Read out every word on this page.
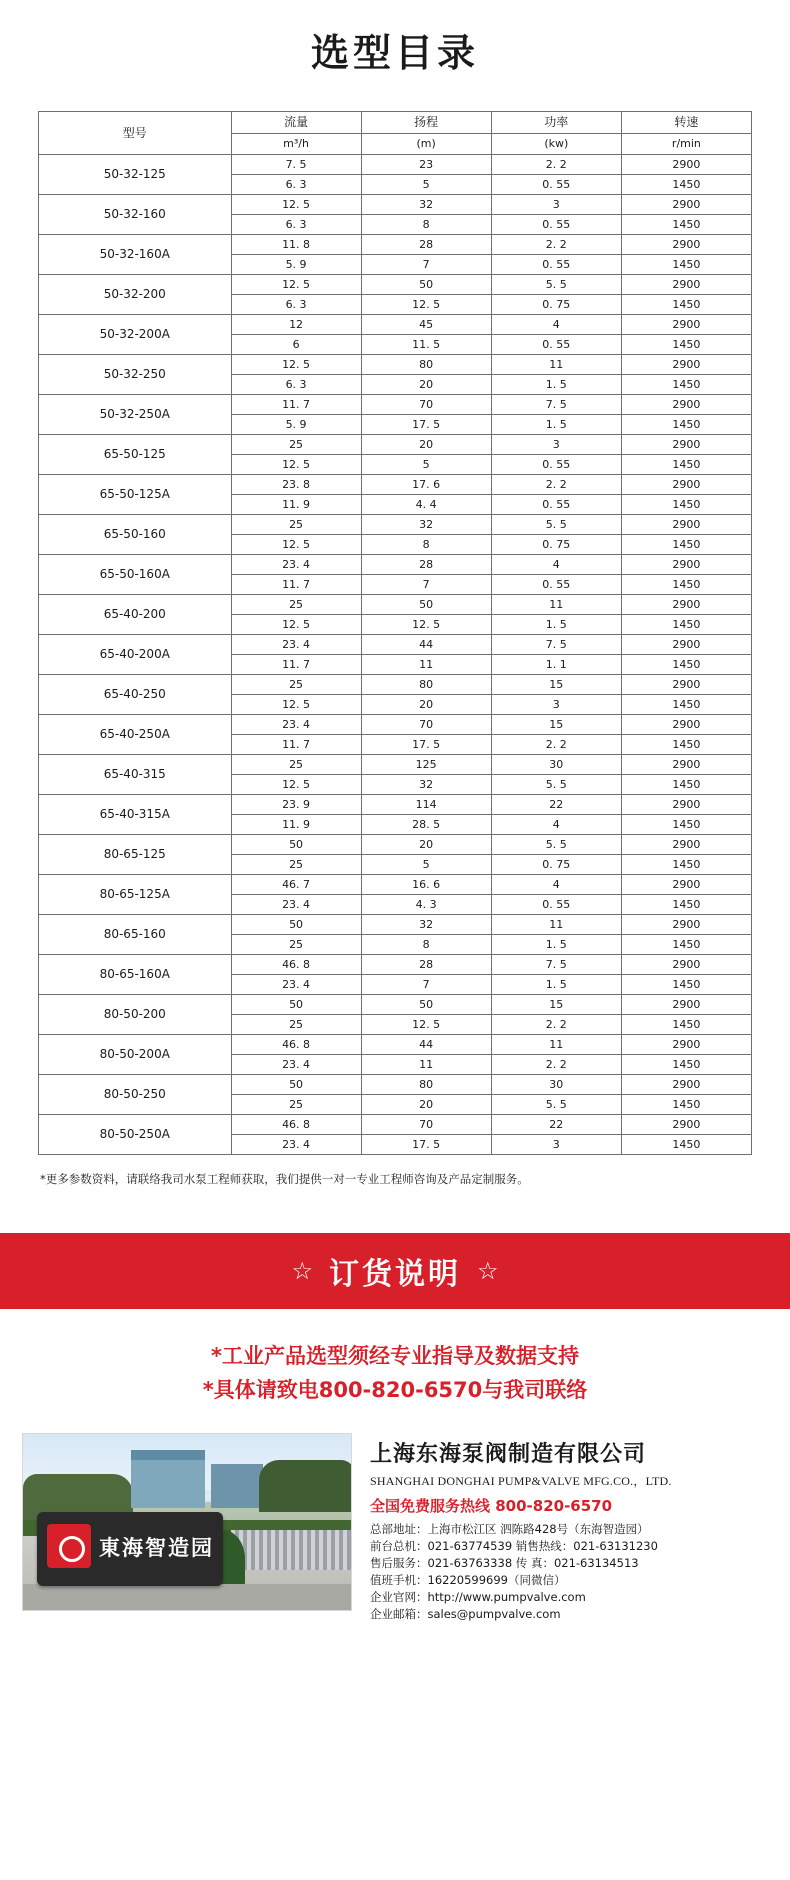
选型目录
型号	流量	扬程	功率	转速
	m³/h	(m)	(kw)	r/min
50-32-125	7. 5	23	2. 2	2900
	6. 3	5	0. 55	1450
50-32-160	12. 5	32	3	2900
	6. 3	8	0. 55	1450
50-32-160A	11. 8	28	2. 2	2900
	5. 9	7	0. 55	1450
50-32-200	12. 5	50	5. 5	2900
	6. 3	12. 5	0. 75	1450
50-32-200A	12	45	4	2900
	6	11. 5	0. 55	1450
50-32-250	12. 5	80	11	2900
	6. 3	20	1. 5	1450
50-32-250A	11. 7	70	7. 5	2900
	5. 9	17. 5	1. 5	1450
65-50-125	25	20	3	2900
	12. 5	5	0. 55	1450
65-50-125A	23. 8	17. 6	2. 2	2900
	11. 9	4. 4	0. 55	1450
65-50-160	25	32	5. 5	2900
	12. 5	8	0. 75	1450
65-50-160A	23. 4	28	4	2900
	11. 7	7	0. 55	1450
65-40-200	25	50	11	2900
	12. 5	12. 5	1. 5	1450
65-40-200A	23. 4	44	7. 5	2900
	11. 7	11	1. 1	1450
65-40-250	25	80	15	2900
	12. 5	20	3	1450
65-40-250A	23. 4	70	15	2900
	11. 7	17. 5	2. 2	1450
65-40-315	25	125	30	2900
	12. 5	32	5. 5	1450
65-40-315A	23. 9	114	22	2900
	11. 9	28. 5	4	1450
80-65-125	50	20	5. 5	2900
	25	5	0. 75	1450
80-65-125A	46. 7	16. 6	4	2900
	23. 4	4. 3	0. 55	1450
80-65-160	50	32	11	2900
	25	8	1. 5	1450
80-65-160A	46. 8	28	7. 5	2900
	23. 4	7	1. 5	1450
80-50-200	50	50	15	2900
	25	12. 5	2. 2	1450
80-50-200A	46. 8	44	11	2900
	23. 4	11	2. 2	1450
80-50-250	50	80	30	2900
	25	20	5. 5	1450
80-50-250A	46. 8	70	22	2900
	23. 4	17. 5	3	1450
*更多参数资料，请联络我司水泵工程师获取，我们提供一对一专业工程师咨询及产品定制服务。
☆ 订货说明 ☆
*工业产品选型须经专业指导及数据支持
*具体请致电800-820-6570与我司联络
東海智造园
上海东海泵阀制造有限公司
SHANGHAI DONGHAI PUMP&VALVE MFG.CO.，LTD.
全国免费服务热线 800-820-6570
总部地址：上海市松江区 泗陈路428号（东海智造园）
前台总机：021-63774539 销售热线：021-63131230
售后服务：021-63763338 传 真：021-63134513
值班手机：16220599699（同微信）
企业官网：http://www.pumpvalve.com
企业邮箱：sales@pumpvalve.com
